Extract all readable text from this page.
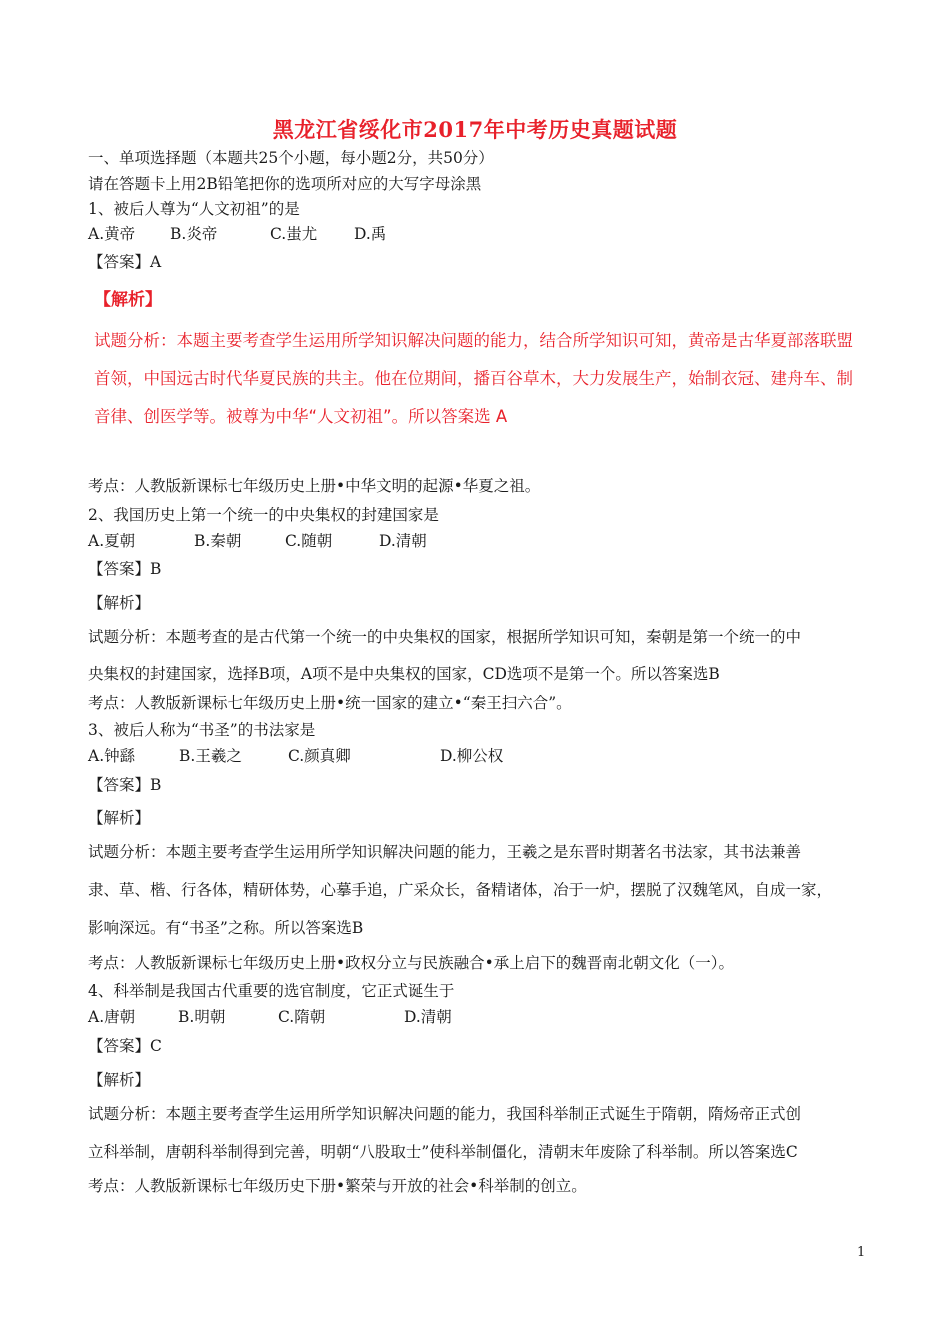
黑龙江省绥化市2017年中考历史真题试题
一、单项选择题（本题共25个小题，每小题2分，共50分）
请在答题卡上用2B铅笔把你的选项所对应的大写字母涂黑
1、被后人尊为“人文初祖”的是
A.黄帝 B.炎帝	C.蚩尤 D.禹
【答案】A
【解析】
试题分析：本题主要考查学生运用所学知识解决问题的能力，结合所学知识可知，黄帝是古华夏部落联盟
首领，中国远古时代华夏民族的共主。他在位期间，播百谷草木，大力发展生产，始制衣冠、建舟车、制
音律、创医学等。被尊为中华“人文初祖”。所以答案选 A
考点：人教版新课标七年级历史上册•中华文明的起源•华夏之祖。
2、我国历史上第一个统一的中央集权的封建国家是
A.夏朝	B.秦朝	C.随朝	D.清朝
【答案】B
【解析】
试题分析：本题考查的是古代第一个统一的中央集权的国家，根据所学知识可知，秦朝是第一个统一的中
央集权的封建国家，选择B项，A项不是中央集权的国家，CD选项不是第一个。所以答案选B
考点：人教版新课标七年级历史上册•统一国家的建立•“秦王扫六合”。
3、被后人称为“书圣”的书法家是
A.钟繇	B.王羲之	C.颜真卿	D.柳公权
【答案】B
【解析】
试题分析：本题主要考查学生运用所学知识解决问题的能力，王羲之是东晋时期著名书法家，其书法兼善
隶、草、楷、行各体，精研体势，心摹手追，广采众长，备精诸体，冶于一炉，摆脱了汉魏笔风，自成一家，
影响深远。有“书圣”之称。所以答案选B
考点：人教版新课标七年级历史上册•政权分立与民族融合•承上启下的魏晋南北朝文化（一）。
4、科举制是我国古代重要的选官制度，它正式诞生于
A.唐朝	B.明朝	C.隋朝	D.清朝
【答案】C
【解析】
试题分析：本题主要考查学生运用所学知识解决问题的能力，我国科举制正式诞生于隋朝，隋炀帝正式创
立科举制，唐朝科举制得到完善，明朝“八股取士”使科举制僵化，清朝末年废除了科举制。所以答案选C
考点：人教版新课标七年级历史下册•繁荣与开放的社会•科举制的创立。
1
